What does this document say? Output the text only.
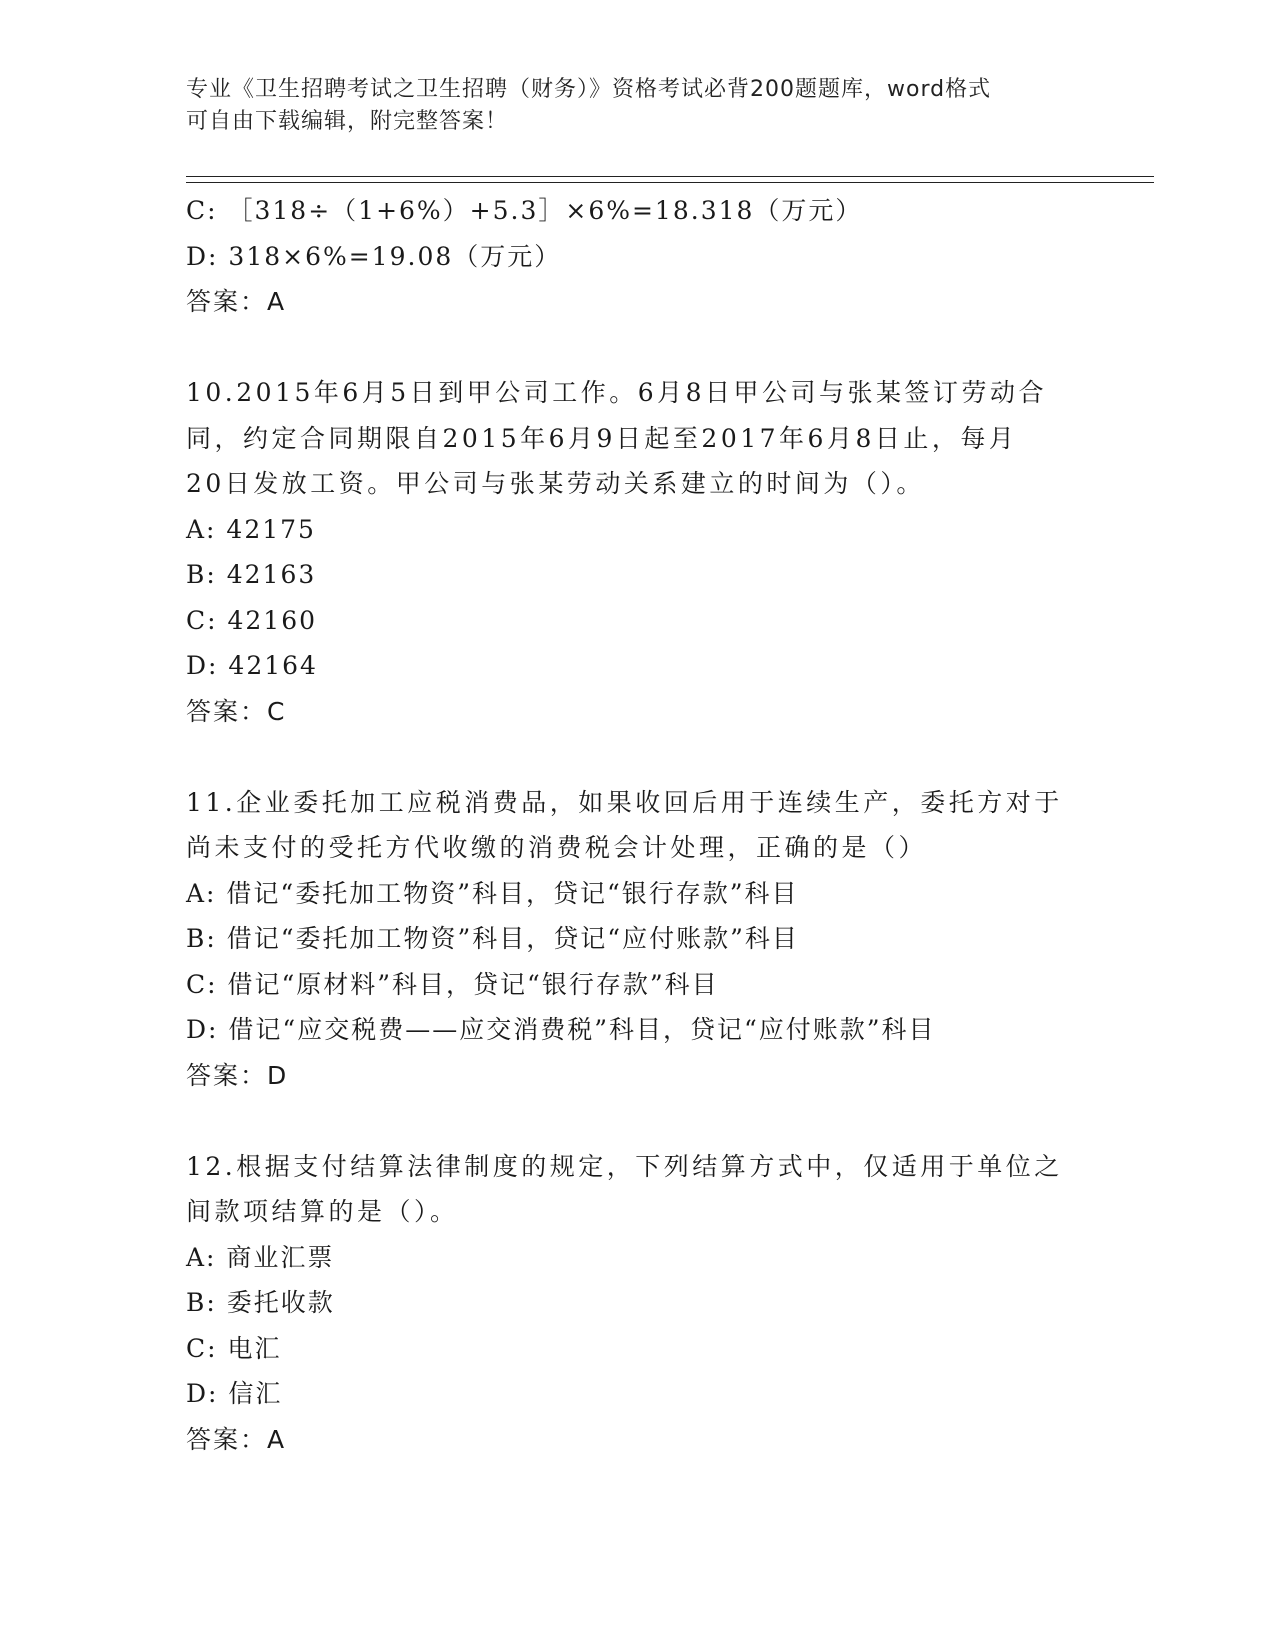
专业《卫生招聘考试之卫生招聘（财务）》资格考试必背200题题库，word格式
可自由下载编辑，附完整答案！
C: ［318÷（1+6%）+5.3］×6%=18.318（万元）
D: 318×6%=19.08（万元）
答案：A
10.2015年6月5日到甲公司工作。6月8日甲公司与张某签订劳动合
同，约定合同期限自2015年6月9日起至2017年6月8日止，每月
20日发放工资。甲公司与张某劳动关系建立的时间为（）。
A: 42175
B: 42163
C: 42160
D: 42164
答案：C
11.企业委托加工应税消费品，如果收回后用于连续生产，委托方对于
尚未支付的受托方代收缴的消费税会计处理，正确的是（）
A: 借记“委托加工物资”科目，贷记“银行存款”科目
B: 借记“委托加工物资”科目，贷记“应付账款”科目
C: 借记“原材料”科目，贷记“银行存款”科目
D: 借记“应交税费——应交消费税”科目，贷记“应付账款”科目
答案：D
12.根据支付结算法律制度的规定，下列结算方式中，仅适用于单位之
间款项结算的是（）。
A: 商业汇票
B: 委托收款
C: 电汇
D: 信汇
答案：A
